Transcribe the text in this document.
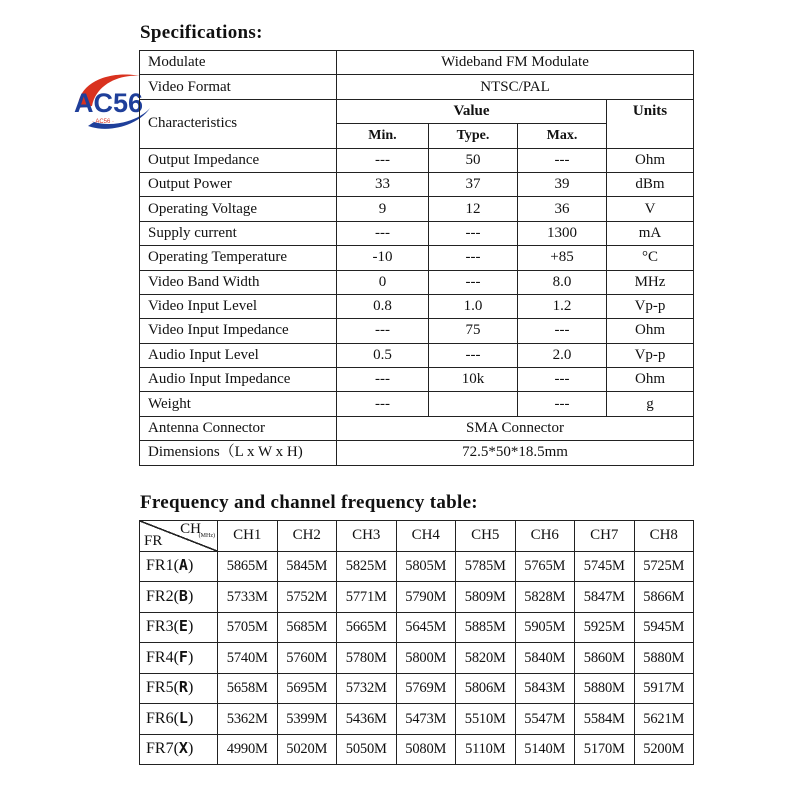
Specifications:
AC56
· AC56 ·
Modulate	Wideband FM Modulate			
Video Format	NTSC/PAL			
Characteristics	Value			Units
	Min.	Type.	Max.	
Output Impedance	---	50	---	Ohm
Output Power	33	37	39	dBm
Operating Voltage	9	12	36	V
Supply current	---	---	1300	mA
Operating Temperature	-10	---	+85	°C
Video Band Width	0	---	8.0	MHz
Video Input Level	0.8	1.0	1.2	Vp-p
Video Input Impedance	---	75	---	Ohm
Audio Input Level	0.5	---	2.0	Vp-p
Audio Input Impedance	---	10k	---	Ohm
Weight	---		---	g
Antenna Connector	SMA Connector			
Dimensions（L x W x H)	72.5*50*18.5mm			
Frequency and channel frequency table:
CH
(MHz)
FR	CH1	CH2	CH3	CH4	CH5	CH6	CH7	CH8
FR1(A)	5865M	5845M	5825M	5805M	5785M	5765M	5745M	5725M
FR2(B)	5733M	5752M	5771M	5790M	5809M	5828M	5847M	5866M
FR3(E)	5705M	5685M	5665M	5645M	5885M	5905M	5925M	5945M
FR4(F)	5740M	5760M	5780M	5800M	5820M	5840M	5860M	5880M
FR5(R)	5658M	5695M	5732M	5769M	5806M	5843M	5880M	5917M
FR6(L)	5362M	5399M	5436M	5473M	5510M	5547M	5584M	5621M
FR7(X)	4990M	5020M	5050M	5080M	5110M	5140M	5170M	5200M
